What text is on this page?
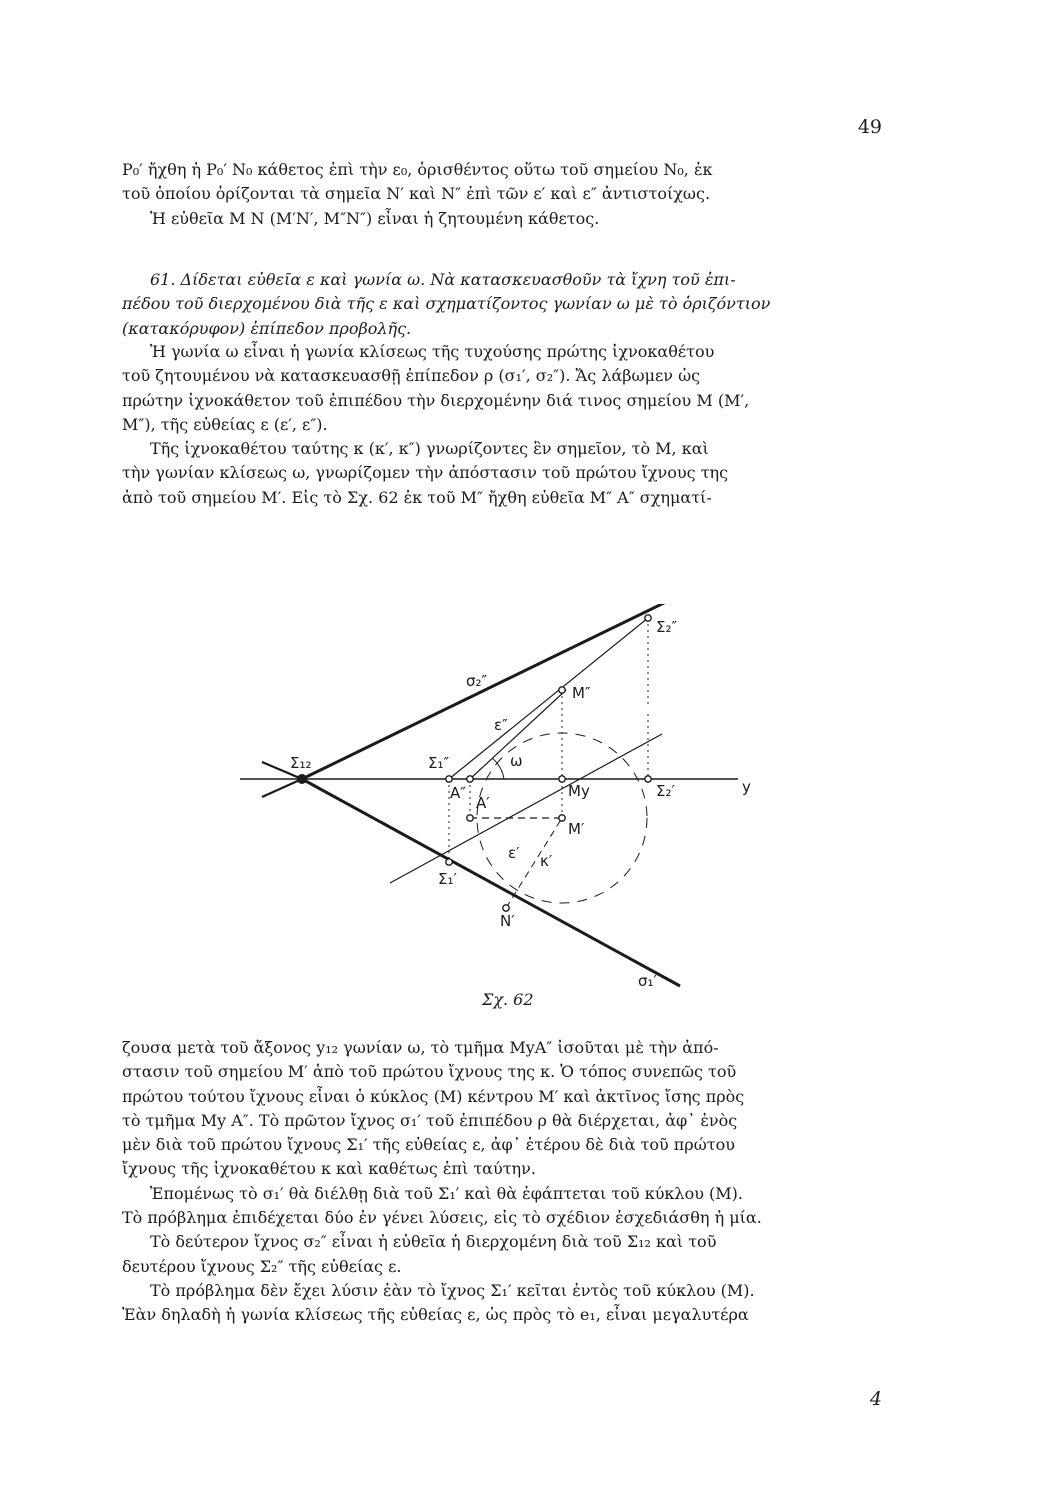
49
Ρ₀′ ἤχθη ἡ Ρ₀′ Ν₀ κάθετος ἐπὶ τὴν ε₀, ὁρισθέντος οὕτω τοῦ σημείου Ν₀, ἐκ
τοῦ ὁποίου ὁρίζονται τὰ σημεῖα Ν′ καὶ Ν″ ἐπὶ τῶν ε′ καὶ ε″ ἀντιστοίχως.
Ἡ εὐθεῖα Μ Ν (Μ′Ν′, Μ″Ν″) εἶναι ἡ ζητουμένη κάθετος.
61. Δίδεται εὐθεῖα ε καὶ γωνία ω. Νὰ κατασκευασθοῦν τὰ ἴχνη τοῦ ἐπι-
πέδου τοῦ διερχομένου διὰ τῆς ε καὶ σχηματίζοντος γωνίαν ω μὲ τὸ ὁριζόντιον
(κατακόρυφον) ἐπίπεδον προβολῆς.
Ἡ γωνία ω εἶναι ἡ γωνία κλίσεως τῆς τυχούσης πρώτης ἰχνοκαθέτου
τοῦ ζητουμένου νὰ κατασκευασθῇ ἐπίπεδον ρ (σ₁′, σ₂″). Ἄς λάβωμεν ὡς
πρώτην ἰχνοκάθετον τοῦ ἐπιπέδου τὴν διερχομένην διά τινος σημείου Μ (Μ′,
Μ″), τῆς εὐθείας ε (ε′, ε″).
Τῆς ἰχνοκαθέτου ταύτης κ (κ′, κ″) γνωρίζοντες ἓν σημεῖον, τὸ Μ, καὶ
τὴν γωνίαν κλίσεως ω, γνωρίζομεν τὴν ἀπόστασιν τοῦ πρώτου ἴχνους της
ἀπὸ τοῦ σημείου Μ′. Εἰς τὸ Σχ. 62 ἐκ τοῦ Μ″ ἤχθη εὐθεῖα Μ″ Α″ σχηματί-
Σ₂″
σ₂″
Μ″
ε″
Σ₁₂	Σ₁″	ω
Α″
Α′
Μy	Σ₂′	y
Μ′
ε′ κ′
Σ₁′
Ν′
σ₁′
Σχ. 62
ζουσα μετὰ τοῦ ἄξονος y₁₂ γωνίαν ω, τὸ τμῆμα MyA″ ἰσοῦται μὲ τὴν ἀπό-
στασιν τοῦ σημείου Μ′ ἀπὸ τοῦ πρώτου ἴχνους της κ. Ὁ τόπος συνεπῶς τοῦ
πρώτου τούτου ἴχνους εἶναι ὁ κύκλος (Μ) κέντρου Μ′ καὶ ἀκτῖνος ἴσης πρὸς
τὸ τμῆμα My A″. Τὸ πρῶτον ἴχνος σ₁′ τοῦ ἐπιπέδου ρ θὰ διέρχεται, ἀφ᾽ ἑνὸς
μὲν διὰ τοῦ πρώτου ἴχνους Σ₁′ τῆς εὐθείας ε, ἀφ᾽ ἑτέρου δὲ διὰ τοῦ πρώτου
ἴχνους τῆς ἰχνοκαθέτου κ καὶ καθέτως ἐπὶ ταύτην.
Ἑπομένως τὸ σ₁′ θὰ διέλθῃ διὰ τοῦ Σ₁′ καὶ θὰ ἐφάπτεται τοῦ κύκλου (Μ).
Τὸ πρόβλημα ἐπιδέχεται δύο ἐν γένει λύσεις, εἰς τὸ σχέδιον ἐσχεδιάσθη ἡ μία.
Τὸ δεύτερον ἴχνος σ₂″ εἶναι ἡ εὐθεῖα ἡ διερχομένη διὰ τοῦ Σ₁₂ καὶ τοῦ
δευτέρου ἴχνους Σ₂″ τῆς εὐθείας ε.
Τὸ πρόβλημα δὲν ἔχει λύσιν ἐὰν τὸ ἴχνος Σ₁′ κεῖται ἐντὸς τοῦ κύκλου (Μ).
Ἐὰν δηλαδὴ ἡ γωνία κλίσεως τῆς εὐθείας ε, ὡς πρὸς τὸ e₁, εἶναι μεγαλυτέρα
4
